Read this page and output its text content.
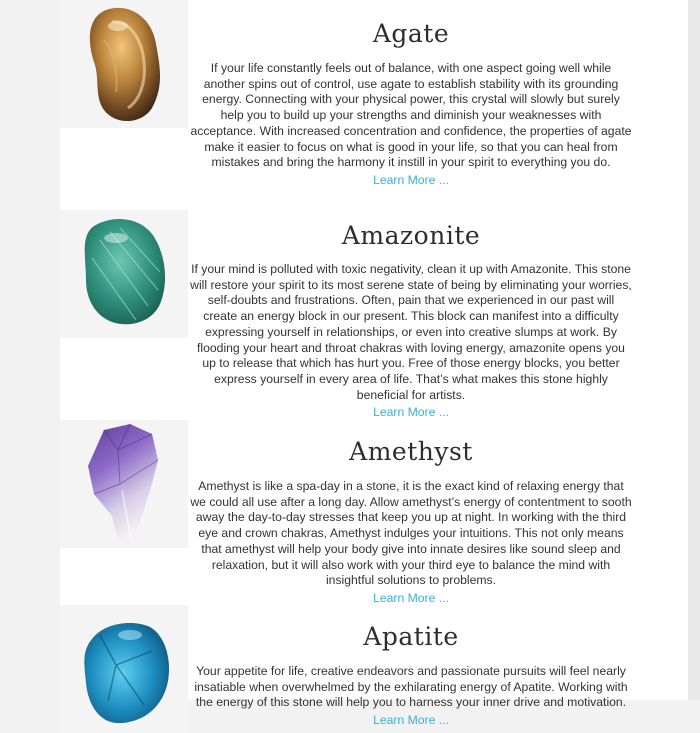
Agate

If your life constantly feels out of balance, with one aspect going well while another spins out of control, use agate to establish stability with its grounding energy. Connecting with your physical power, this crystal will slowly but surely help you to build up your strengths and diminish your weaknesses with acceptance. With increased concentration and confidence, the properties of agate make it easier to focus on what is good in your life, so that you can heal from mistakes and bring the harmony it instill in your spirit to everything you do.

Learn More ...
Amazonite

If your mind is polluted with toxic negativity, clean it up with Amazonite. This stone will restore your spirit to its most serene state of being by eliminating your worries, self-doubts and frustrations. Often, pain that we experienced in our past will create an energy block in our present. This block can manifest into a difficulty expressing yourself in relationships, or even into creative slumps at work. By flooding your heart and throat chakras with loving energy, amazonite opens you up to release that which has hurt you. Free of those energy blocks, you better express yourself in every area of life. That’s what makes this stone highly beneficial for artists.

Learn More ...
Amethyst

Amethyst is like a spa-day in a stone, it is the exact kind of relaxing energy that we could all use after a long day. Allow amethyst’s energy of contentment to sooth away the day-to-day stresses that keep you up at night. In working with the third eye and crown chakras, Amethyst indulges your intuitions. This not only means that amethyst will help your body give into innate desires like sound sleep and relaxation, but it will also work with your third eye to balance the mind with insightful solutions to problems.

Learn More ...
Apatite

Your appetite for life, creative endeavors and passionate pursuits will feel nearly insatiable when overwhelmed by the exhilarating energy of Apatite. Working with the energy of this stone will help you to harness your inner drive and motivation.

Learn More ...
